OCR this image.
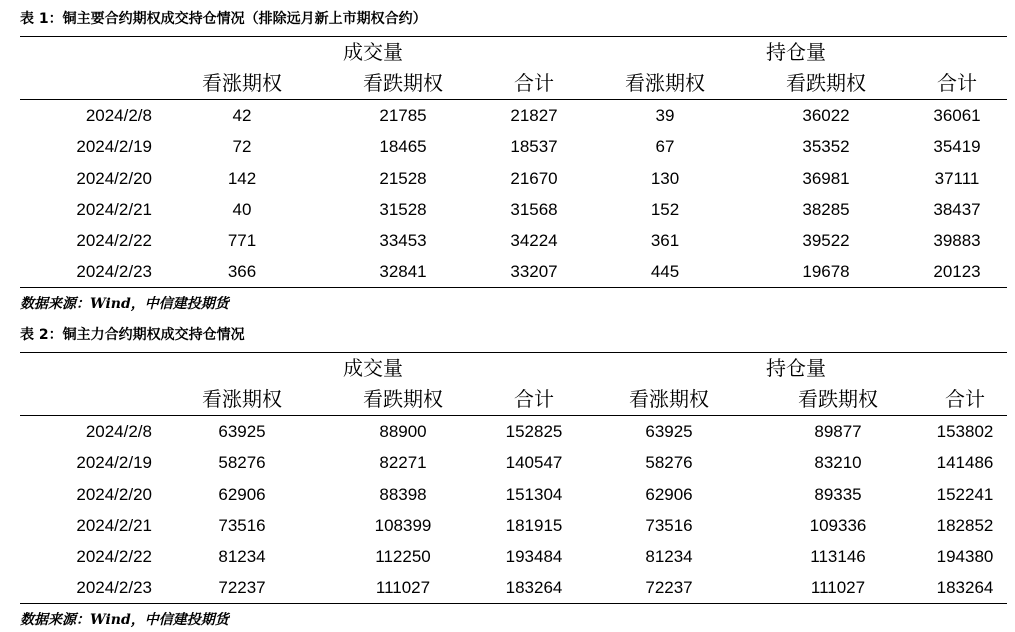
表 1：铜主要合约期权成交持仓情况（排除远月新上市期权合约）
成交量	持仓量
看涨期权	看跌期权	合计	看涨期权	看跌期权	合计
2024/2/8	42	21785	21827	39	36022	36061
2024/2/19	72	18465	18537	67	35352	35419
2024/2/20	142	21528	21670	130	36981	37111
2024/2/21	40	31528	31568	152	38285	38437
2024/2/22	771	33453	34224	361	39522	39883
2024/2/23	366	32841	33207	445	19678	20123
数据来源：Wind，中信建投期货
表 2：铜主力合约期权成交持仓情况
成交量	持仓量
看涨期权	看跌期权	合计	看涨期权	看跌期权	合计
2024/2/8	63925	88900	152825	63925	89877	153802
2024/2/19	58276	82271	140547	58276	83210	141486
2024/2/20	62906	88398	151304	62906	89335	152241
2024/2/21	73516	108399	181915	73516	109336	182852
2024/2/22	81234	112250	193484	81234	113146	194380
2024/2/23	72237	111027	183264	72237	111027	183264
数据来源：Wind，中信建投期货
